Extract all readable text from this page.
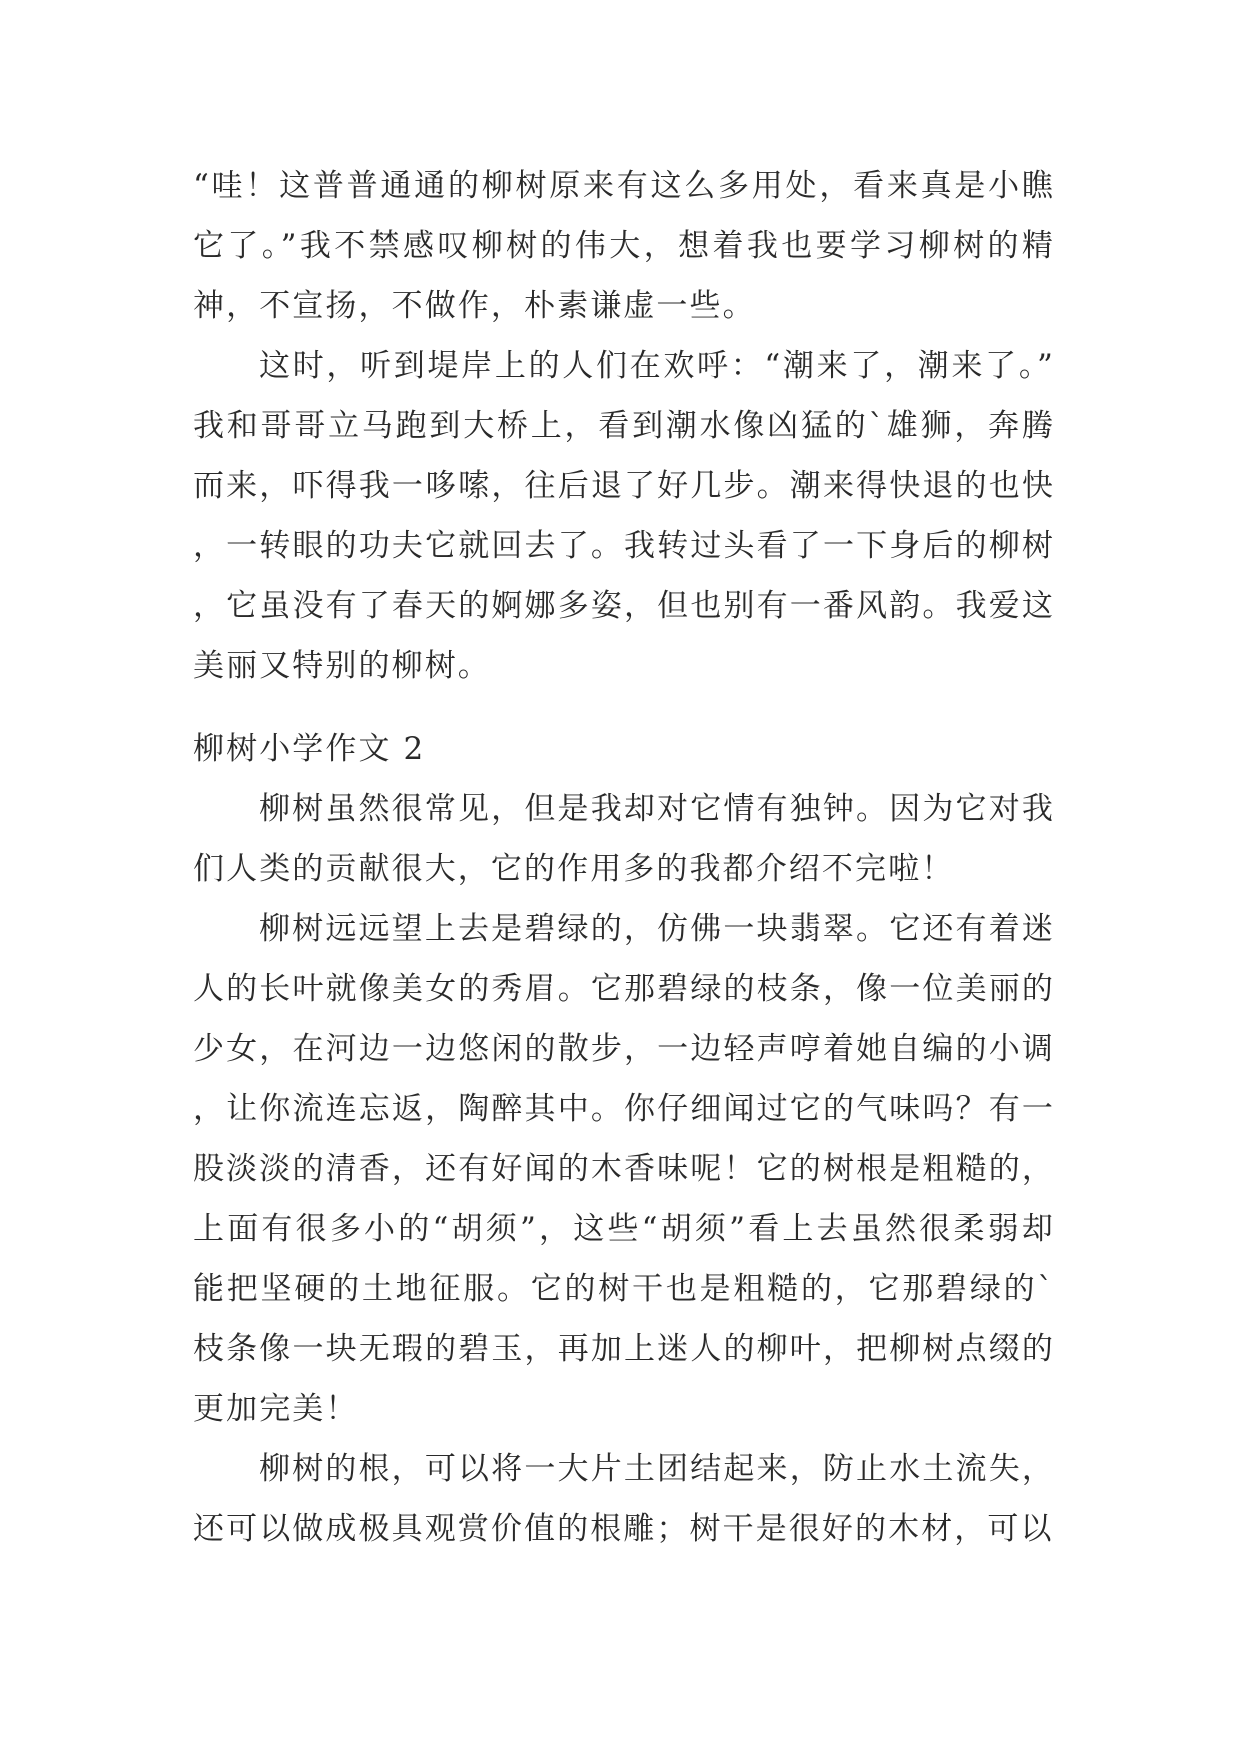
“哇！这普普通通的柳树原来有这么多用处，看来真是小瞧它了。”我不禁感叹柳树的伟大，想着我也要学习柳树的精神，不宣扬，不做作，朴素谦虚一些。

这时，听到堤岸上的人们在欢呼：“潮来了，潮来了。”我和哥哥立马跑到大桥上，看到潮水像凶猛的`雄狮，奔腾而来，吓得我一哆嗦，往后退了好几步。潮来得快退的也快，一转眼的功夫它就回去了。我转过头看了一下身后的柳树，它虽没有了春天的婀娜多姿，但也别有一番风韵。我爱这美丽又特别的柳树。

柳树小学作文 2

柳树虽然很常见，但是我却对它情有独钟。因为它对我们人类的贡献很大，它的作用多的我都介绍不完啦！

柳树远远望上去是碧绿的，仿佛一块翡翠。它还有着迷人的长叶就像美女的秀眉。它那碧绿的枝条，像一位美丽的少女，在河边一边悠闲的散步，一边轻声哼着她自编的小调，让你流连忘返，陶醉其中。你仔细闻过它的气味吗？有一股淡淡的清香，还有好闻的木香味呢！它的树根是粗糙的，上面有很多小的“胡须”，这些“胡须”看上去虽然很柔弱却能把坚硬的土地征服。它的树干也是粗糙的，它那碧绿的`枝条像一块无瑕的碧玉，再加上迷人的柳叶，把柳树点缀的更加完美！

柳树的根，可以将一大片土团结起来，防止水土流失，还可以做成极具观赏价值的根雕；树干是很好的木材，可以
